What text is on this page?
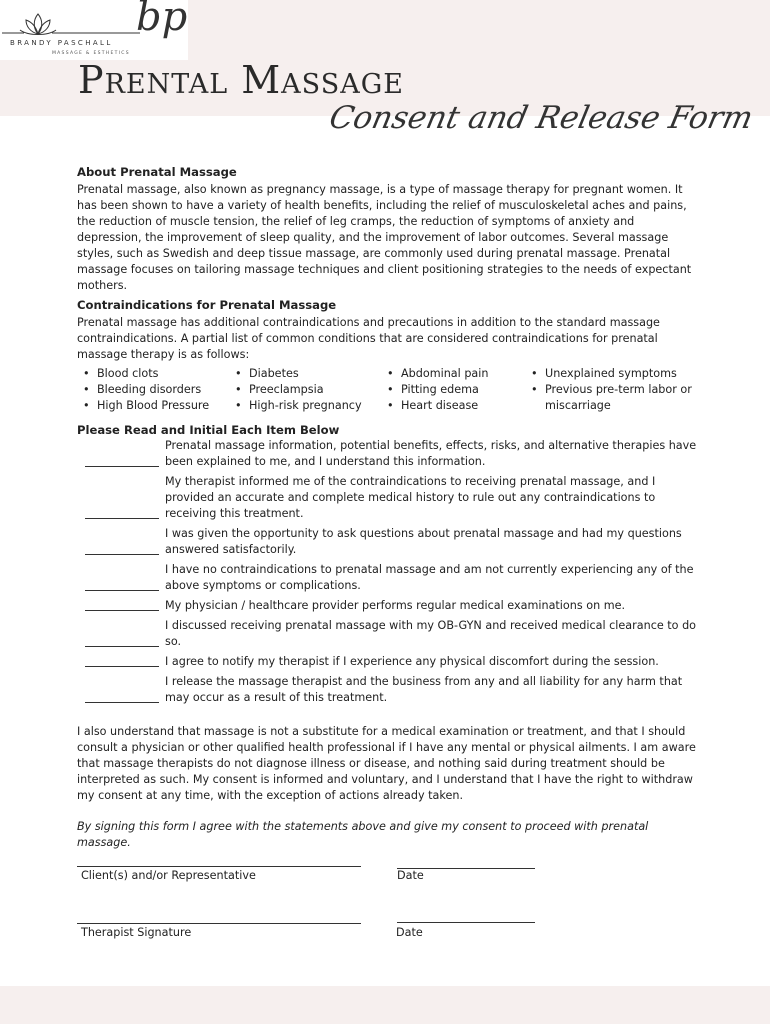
bp
BRANDY PASCHALL
MASSAGE & ESTHETICS
Prental Massage
Consent and Release Form
About Prenatal Massage

Prenatal massage, also known as pregnancy massage, is a type of massage therapy for pregnant women. It has been shown to have a variety of health benefits, including the relief of musculoskeletal aches and pains, the reduction of muscle tension, the relief of leg cramps, the reduction of symptoms of anxiety and depression, the improvement of sleep quality, and the improvement of labor outcomes. Several massage styles, such as Swedish and deep tissue massage, are commonly used during prenatal massage. Prenatal massage focuses on tailoring massage techniques and client positioning strategies to the needs of expectant mothers.

Contraindications for Prenatal Massage

Prenatal massage has additional contraindications and precautions in addition to the standard massage contraindications. A partial list of common conditions that are considered contraindications for prenatal massage therapy is as follows:

• Blood clots
• Bleeding disorders
• High Blood Pressure
• Diabetes
• Preeclampsia
• High-risk pregnancy
• Abdominal pain
• Pitting edema
• Heart disease
• Unexplained symptoms
• Previous pre-term labor or miscarriage
Please Read and Initial Each Item Below
Prenatal massage information, potential benefits, effects, risks, and alternative therapies have been explained to me, and I understand this information.
My therapist informed me of the contraindications to receiving prenatal massage, and I provided an accurate and complete medical history to rule out any contraindications to receiving this treatment.
I was given the opportunity to ask questions about prenatal massage and had my questions answered satisfactorily.
I have no contraindications to prenatal massage and am not currently experiencing any of the above symptoms or complications.
My physician / healthcare provider performs regular medical examinations on me.
I discussed receiving prenatal massage with my OB-GYN and received medical clearance to do so.
I agree to notify my therapist if I experience any physical discomfort during the session.
I release the massage therapist and the business from any and all liability for any harm that may occur as a result of this treatment.

I also understand that massage is not a substitute for a medical examination or treatment, and that I should consult a physician or other qualified health professional if I have any mental or physical ailments. I am aware that massage therapists do not diagnose illness or disease, and nothing said during treatment should be interpreted as such. My consent is informed and voluntary, and I understand that I have the right to withdraw my consent at any time, with the exception of actions already taken.

By signing this form I agree with the statements above and give my consent to proceed with prenatal massage.

Client(s) and/or Representative	Date
Therapist Signature	Date
